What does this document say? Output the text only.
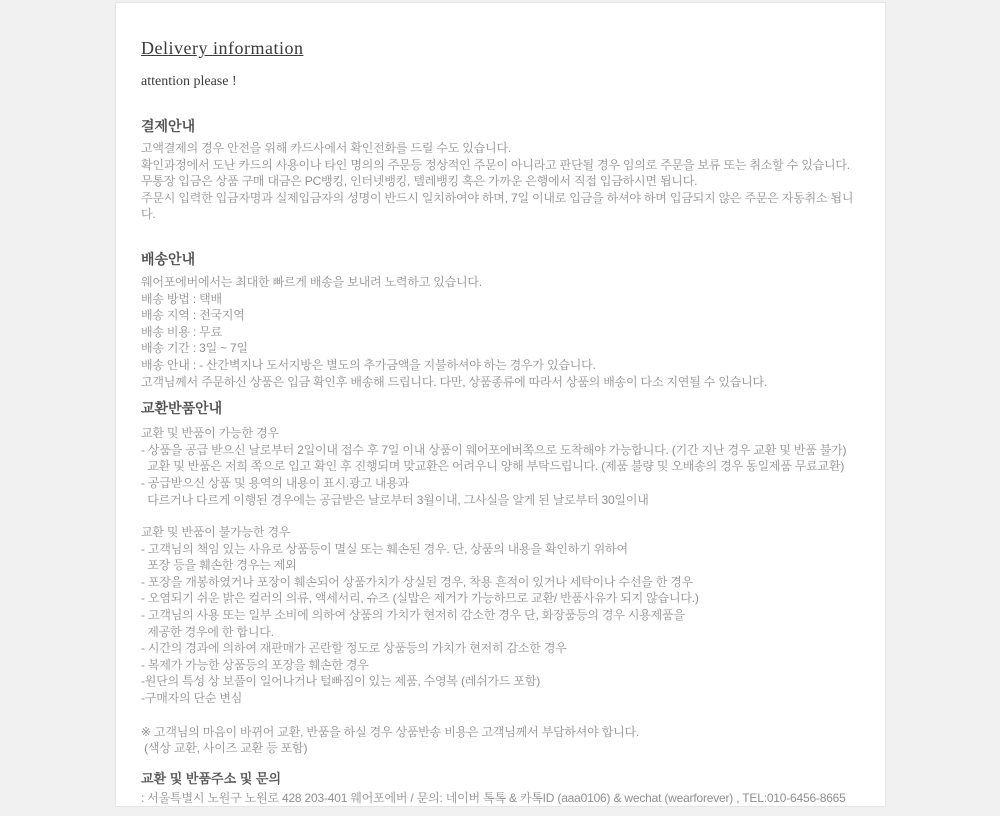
Delivery information

attention please !

결제안내
고액결제의 경우 안전을 위해 카드사에서 확인전화를 드릴 수도 있습니다.
확인과정에서 도난 카드의 사용이나 타인 명의의 주문등 정상적인 주문이 아니라고 판단될 경우 임의로 주문을 보류 또는 취소할 수 있습니다.
무통장 입금은 상품 구매 대금은 PC뱅킹, 인터넷뱅킹, 텔레뱅킹 혹은 가까운 은행에서 직접 입금하시면 됩니다.
주문시 입력한 입금자명과 실제입금자의 성명이 반드시 일치하여야 하며, 7일 이내로 입금을 하셔야 하며 입금되지 않은 주문은 자동취소 됩니다.
배송안내
웨어포에버에서는 최대한 빠르게 배송을 보내려 노력하고 있습니다.
배송 방법 : 택배
배송 지역 : 전국지역
배송 비용 : 무료
배송 기간 : 3일 ~ 7일
배송 안내 : - 산간벽지나 도서지방은 별도의 추가금액을 지불하셔야 하는 경우가 있습니다.
고객님께서 주문하신 상품은 입금 확인후 배송해 드립니다. 다만, 상품종류에 따라서 상품의 배송이 다소 지연될 수 있습니다.
교환반품안내
교환 및 반품이 가능한 경우
- 상품을 공급 받으신 날로부터 2일이내 접수 후 7일 이내 상품이 웨어포에버쪽으로 도착해야 가능합니다. (기간 지난 경우 교환 및 반품 불가)
교환 및 반품은 저희 쪽으로 입고 확인 후 진행되며 맞교환은 어려우니 양해 부탁드립니다. (제품 불량 및 오배송의 경우 동일제품 무료교환)
- 공급받으신 상품 및 용역의 내용이 표시.광고 내용과
다르거나 다르게 이행된 경우에는 공급받은 날로부터 3월이내, 그사실을 알게 된 날로부터 30일이내
교환 및 반품이 불가능한 경우
- 고객님의 책임 있는 사유로 상품등이 멸실 또는 훼손된 경우. 단, 상품의 내용을 확인하기 위하여
포장 등을 훼손한 경우는 제외
- 포장을 개봉하였거나 포장이 훼손되어 상품가치가 상실된 경우, 착용 흔적이 있거나 세탁이나 수선을 한 경우
- 오염되기 쉬운 밝은 컬러의 의류, 액세서리, 슈즈 (실밥은 제거가 가능하므로 교환/ 반품사유가 되지 않습니다.)
- 고객님의 사용 또는 일부 소비에 의하여 상품의 가치가 현저히 감소한 경우 단, 화장품등의 경우 시용제품을
제공한 경우에 한 합니다.
- 시간의 경과에 의하여 재판매가 곤란할 정도로 상품등의 가치가 현저히 감소한 경우
- 복제가 가능한 상품등의 포장을 훼손한 경우
-원단의 특성 상 보풀이 일어나거나 털빠짐이 있는 제품, 수영복 (레쉬가드 포함)
-구매자의 단순 변심
※ 고객님의 마음이 바뀌어 교환, 반품을 하실 경우 상품반송 비용은 고객님께서 부담하셔야 합니다.
(색상 교환, 사이즈 교환 등 포함)
교환 및 반품주소 및 문의
: 서울특별시 노원구 노원로 428 203-401 웨어포에버 / 문의: 네이버 톡톡 & 카톡ID (aaa0106) & wechat (wearforever) , TEL:010-6456-8665
